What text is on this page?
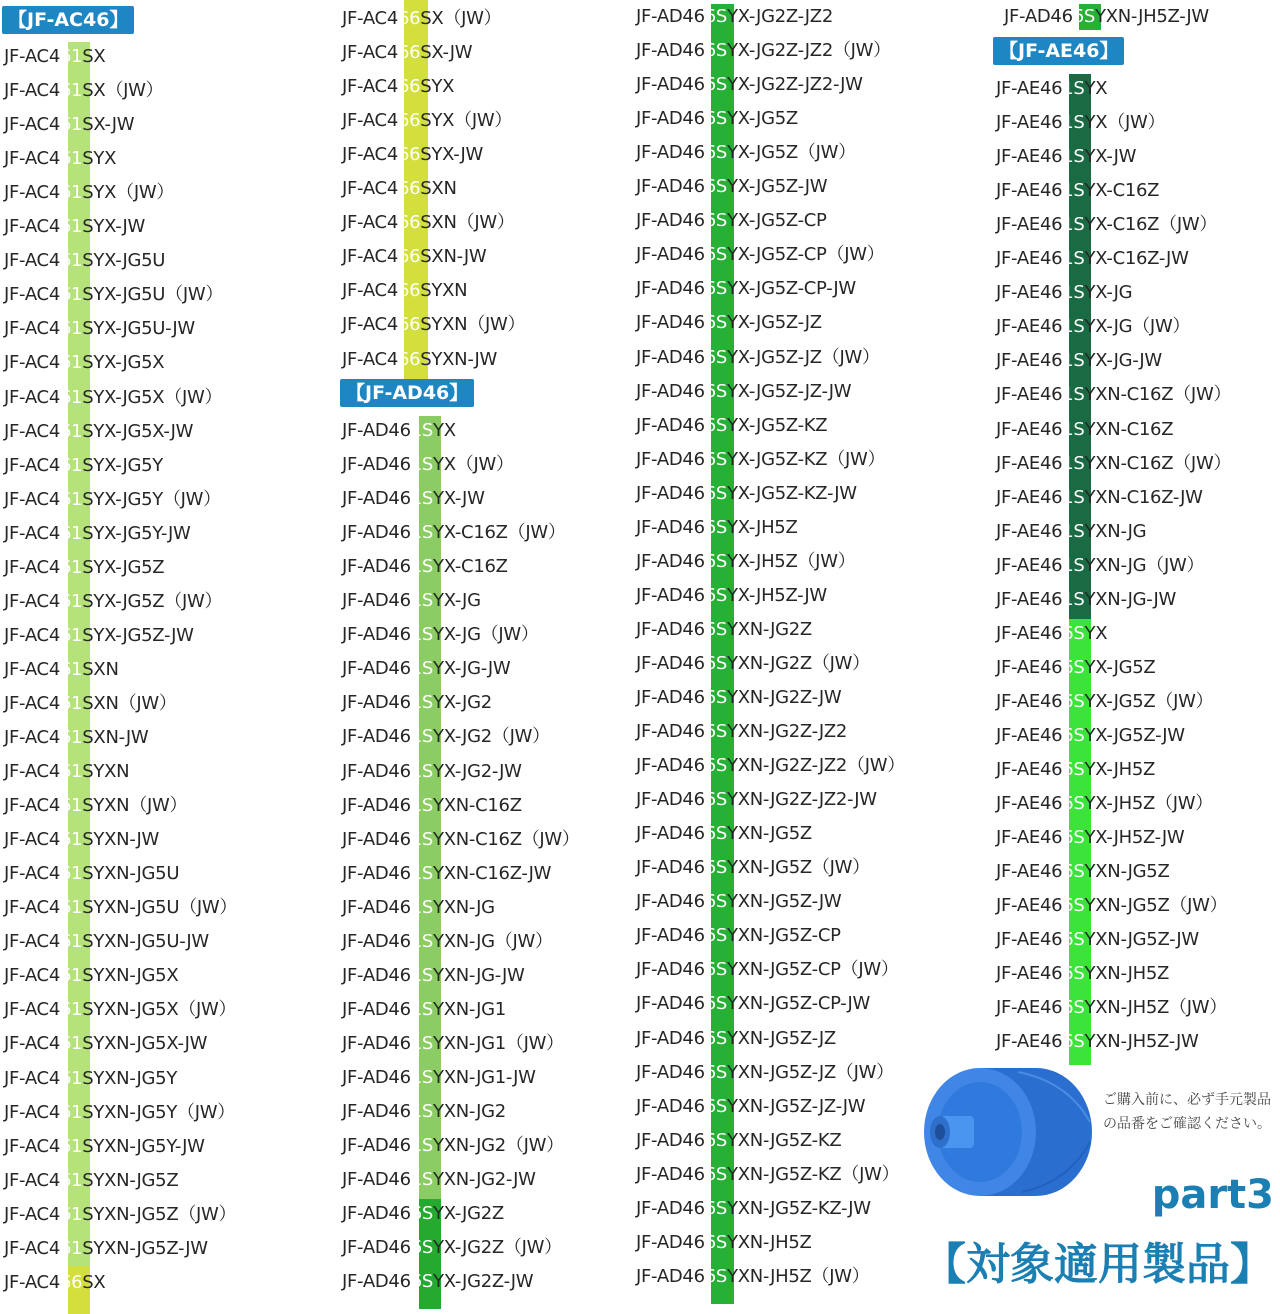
【JF-AC46】
JF-AC461SX
JF-AC461SX（JW）
JF-AC461SX-JW
JF-AC461SYX
JF-AC461SYX（JW）
JF-AC461SYX-JW
JF-AC461SYX-JG5U
JF-AC461SYX-JG5U（JW）
JF-AC461SYX-JG5U-JW
JF-AC461SYX-JG5X
JF-AC461SYX-JG5X（JW）
JF-AC461SYX-JG5X-JW
JF-AC461SYX-JG5Y
JF-AC461SYX-JG5Y（JW）
JF-AC461SYX-JG5Y-JW
JF-AC461SYX-JG5Z
JF-AC461SYX-JG5Z（JW）
JF-AC461SYX-JG5Z-JW
JF-AC461SXN
JF-AC461SXN（JW）
JF-AC461SXN-JW
JF-AC461SYXN
JF-AC461SYXN（JW）
JF-AC461SYXN-JW
JF-AC461SYXN-JG5U
JF-AC461SYXN-JG5U（JW）
JF-AC461SYXN-JG5U-JW
JF-AC461SYXN-JG5X
JF-AC461SYXN-JG5X（JW）
JF-AC461SYXN-JG5X-JW
JF-AC461SYXN-JG5Y
JF-AC461SYXN-JG5Y（JW）
JF-AC461SYXN-JG5Y-JW
JF-AC461SYXN-JG5Z
JF-AC461SYXN-JG5Z（JW）
JF-AC461SYXN-JG5Z-JW
JF-AC466SX
JF-AC466SX（JW）
JF-AC466SX-JW
JF-AC466SYX
JF-AC466SYX（JW）
JF-AC466SYX-JW
JF-AC466SXN
JF-AC466SXN（JW）
JF-AC466SXN-JW
JF-AC466SYXN
JF-AC466SYXN（JW）
JF-AC466SYXN-JW
【JF-AD46】
JF-AD461SYX
JF-AD461SYX（JW）
JF-AD461SYX-JW
JF-AD461SYX-C16Z（JW）
JF-AD461SYX-C16Z
JF-AD461SYX-JG
JF-AD461SYX-JG（JW）
JF-AD461SYX-JG-JW
JF-AD461SYX-JG2
JF-AD461SYX-JG2（JW）
JF-AD461SYX-JG2-JW
JF-AD461SYXN-C16Z
JF-AD461SYXN-C16Z（JW）
JF-AD461SYXN-C16Z-JW
JF-AD461SYXN-JG
JF-AD461SYXN-JG（JW）
JF-AD461SYXN-JG-JW
JF-AD461SYXN-JG1
JF-AD461SYXN-JG1（JW）
JF-AD461SYXN-JG1-JW
JF-AD461SYXN-JG2
JF-AD461SYXN-JG2（JW）
JF-AD461SYXN-JG2-JW
JF-AD466SYX-JG2Z
JF-AD466SYX-JG2Z（JW）
JF-AD466SYX-JG2Z-JW
JF-AD466SYX-JG2Z-JZ2
JF-AD466SYX-JG2Z-JZ2（JW）
JF-AD466SYX-JG2Z-JZ2-JW
JF-AD466SYX-JG5Z
JF-AD466SYX-JG5Z（JW）
JF-AD466SYX-JG5Z-JW
JF-AD466SYX-JG5Z-CP
JF-AD466SYX-JG5Z-CP（JW）
JF-AD466SYX-JG5Z-CP-JW
JF-AD466SYX-JG5Z-JZ
JF-AD466SYX-JG5Z-JZ（JW）
JF-AD466SYX-JG5Z-JZ-JW
JF-AD466SYX-JG5Z-KZ
JF-AD466SYX-JG5Z-KZ（JW）
JF-AD466SYX-JG5Z-KZ-JW
JF-AD466SYX-JH5Z
JF-AD466SYX-JH5Z（JW）
JF-AD466SYX-JH5Z-JW
JF-AD466SYXN-JG2Z
JF-AD466SYXN-JG2Z（JW）
JF-AD466SYXN-JG2Z-JW
JF-AD466SYXN-JG2Z-JZ2
JF-AD466SYXN-JG2Z-JZ2（JW）
JF-AD466SYXN-JG2Z-JZ2-JW
JF-AD466SYXN-JG5Z
JF-AD466SYXN-JG5Z（JW）
JF-AD466SYXN-JG5Z-JW
JF-AD466SYXN-JG5Z-CP
JF-AD466SYXN-JG5Z-CP（JW）
JF-AD466SYXN-JG5Z-CP-JW
JF-AD466SYXN-JG5Z-JZ
JF-AD466SYXN-JG5Z-JZ（JW）
JF-AD466SYXN-JG5Z-JZ-JW
JF-AD466SYXN-JG5Z-KZ
JF-AD466SYXN-JG5Z-KZ（JW）
JF-AD466SYXN-JG5Z-KZ-JW
JF-AD466SYXN-JH5Z
JF-AD466SYXN-JH5Z（JW）
JF-AD466SYXN-JH5Z-JW
【JF-AE46】
JF-AE461SYX
JF-AE461SYX（JW）
JF-AE461SYX-JW
JF-AE461SYX-C16Z
JF-AE461SYX-C16Z（JW）
JF-AE461SYX-C16Z-JW
JF-AE461SYX-JG
JF-AE461SYX-JG（JW）
JF-AE461SYX-JG-JW
JF-AE461SYXN-C16Z（JW）
JF-AE461SYXN-C16Z
JF-AE461SYXN-C16Z（JW）
JF-AE461SYXN-C16Z-JW
JF-AE461SYXN-JG
JF-AE461SYXN-JG（JW）
JF-AE461SYXN-JG-JW
JF-AE466SYX
JF-AE466SYX-JG5Z
JF-AE466SYX-JG5Z（JW）
JF-AE466SYX-JG5Z-JW
JF-AE466SYX-JH5Z
JF-AE466SYX-JH5Z（JW）
JF-AE466SYX-JH5Z-JW
JF-AE466SYXN-JG5Z
JF-AE466SYXN-JG5Z（JW）
JF-AE466SYXN-JG5Z-JW
JF-AE466SYXN-JH5Z
JF-AE466SYXN-JH5Z（JW）
JF-AE466SYXN-JH5Z-JW
ご購入前に、必ず手元製品の品番をご確認ください。
part3
【対象適用製品】
